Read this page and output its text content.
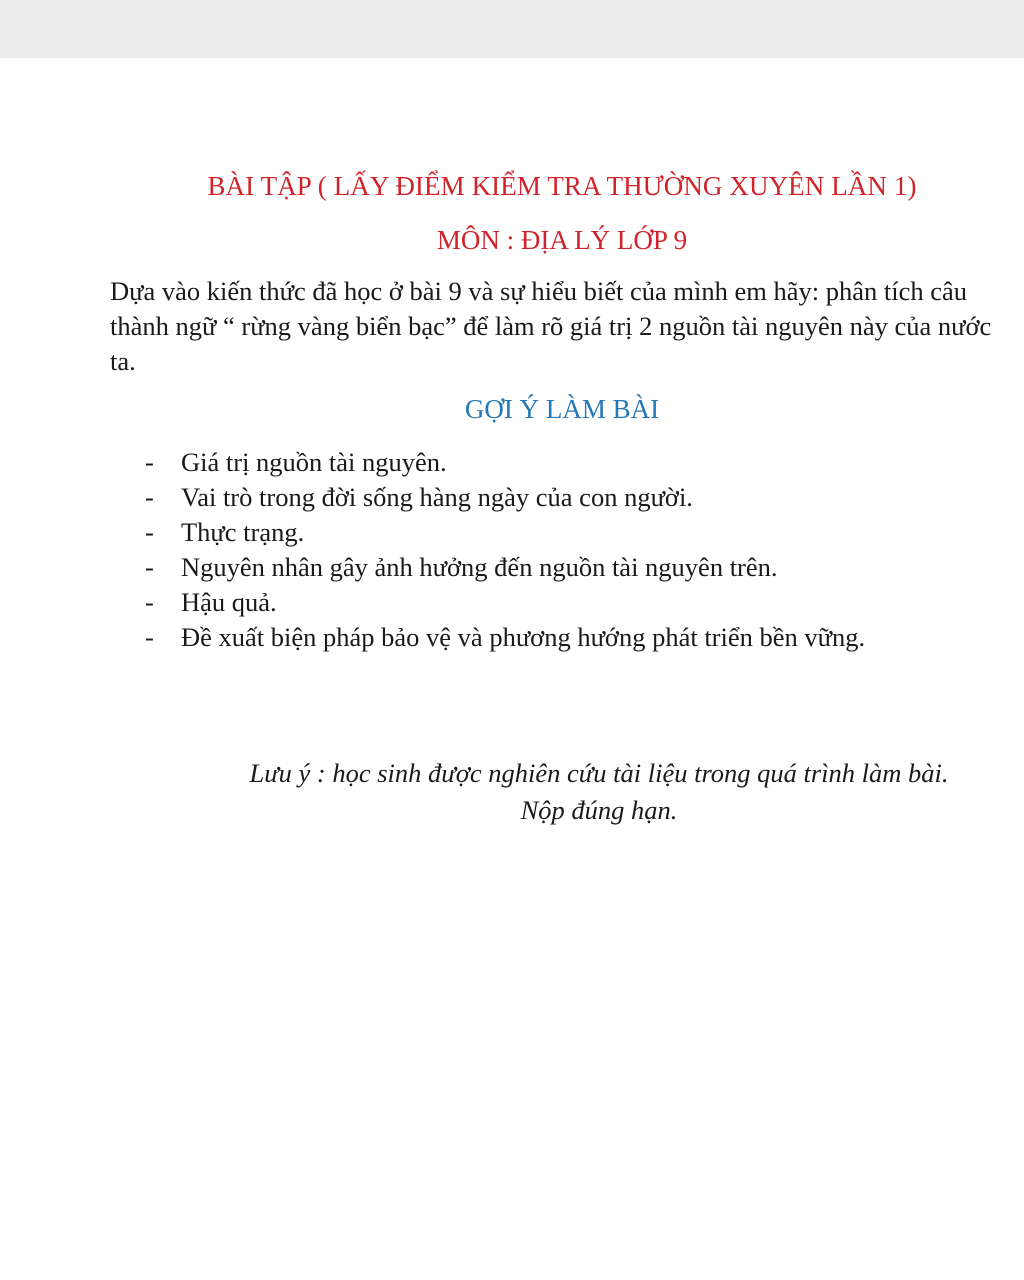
BÀI TẬP ( LẤY ĐIỂM KIỂM TRA THƯỜNG XUYÊN LẦN 1)
MÔN : ĐỊA LÝ LỚP 9

Dựa vào kiến thức đã học ở bài 9 và sự hiểu biết của mình em hãy: phân tích câu thành ngữ “ rừng vàng biển bạc” để làm rõ giá trị 2 nguồn tài nguyên này của nước ta.

GỢI Ý LÀM BÀI
- Giá trị nguồn tài nguyên.
- Vai trò trong đời sống hàng ngày của con người.
- Thực trạng.
- Nguyên nhân gây ảnh hưởng đến nguồn tài nguyên trên.
- Hậu quả.
- Đề xuất biện pháp bảo vệ và phương hướng phát triển bền vững.
Lưu ý : học sinh được nghiên cứu tài liệu trong quá trình làm bài.
Nộp đúng hạn.
